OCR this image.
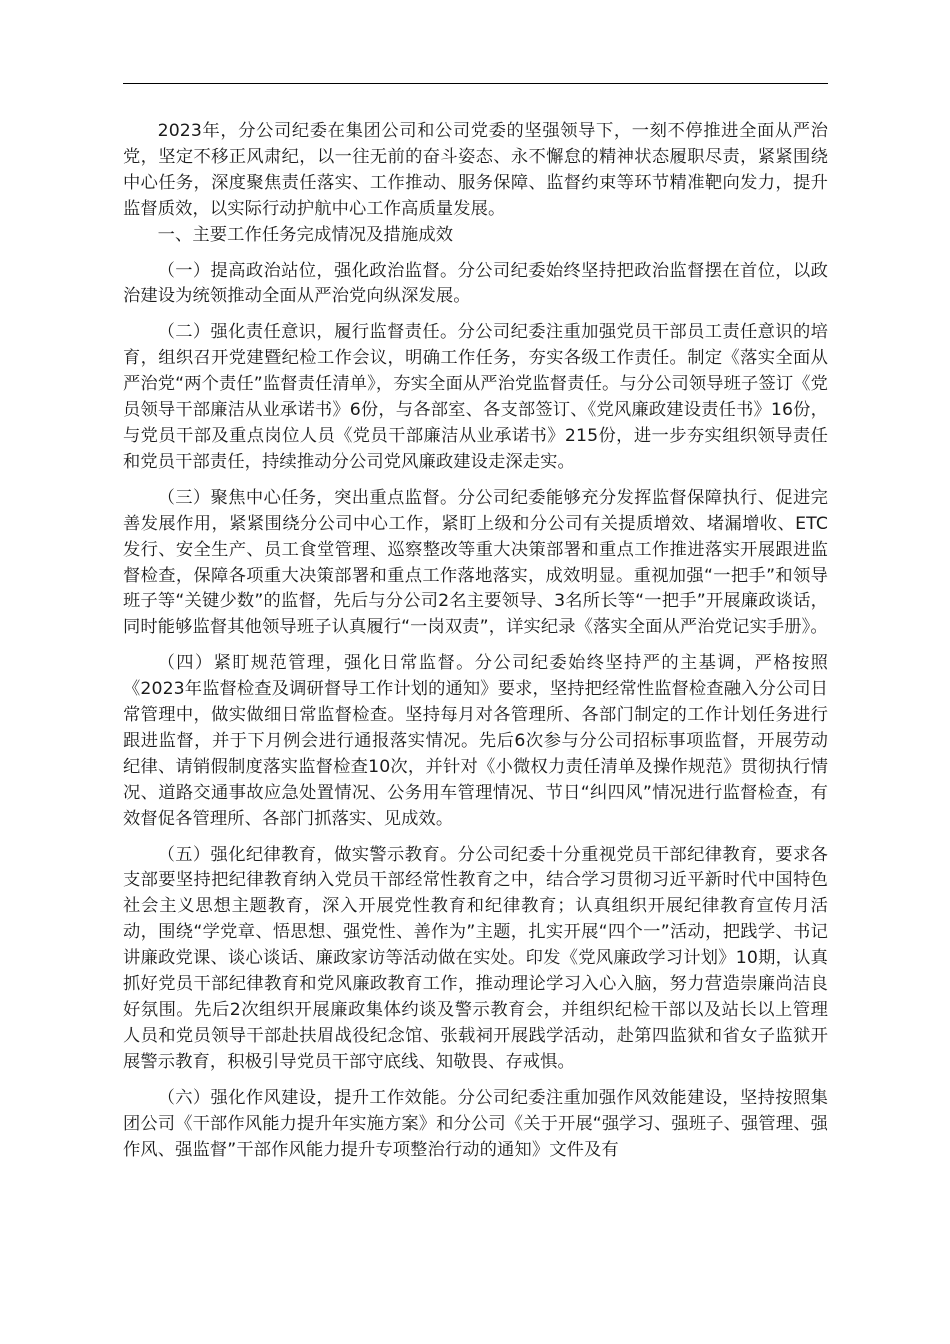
2023年，分公司纪委在集团公司和公司党委的坚强领导下，一刻不停推进全面从严治党，坚定不移正风肃纪，以一往无前的奋斗姿态、永不懈怠的精神状态履职尽责，紧紧围绕中心任务，深度聚焦责任落实、工作推动、服务保障、监督约束等环节精准靶向发力，提升监督质效，以实际行动护航中心工作高质量发展。

一、主要工作任务完成情况及措施成效

（一）提高政治站位，强化政治监督。分公司纪委始终坚持把政治监督摆在首位，以政治建设为统领推动全面从严治党向纵深发展。

（二）强化责任意识，履行监督责任。分公司纪委注重加强党员干部员工责任意识的培育，组织召开党建暨纪检工作会议，明确工作任务，夯实各级工作责任。制定《落实全面从严治党“两个责任”监督责任清单》，夯实全面从严治党监督责任。与分公司领导班子签订《党员领导干部廉洁从业承诺书》6份，与各部室、各支部签订、《党风廉政建设责任书》16份，与党员干部及重点岗位人员《党员干部廉洁从业承诺书》215份，进一步夯实组织领导责任和党员干部责任，持续推动分公司党风廉政建设走深走实。

（三）聚焦中心任务，突出重点监督。分公司纪委能够充分发挥监督保障执行、促进完善发展作用，紧紧围绕分公司中心工作，紧盯上级和分公司有关提质增效、堵漏增收、ETC发行、安全生产、员工食堂管理、巡察整改等重大决策部署和重点工作推进落实开展跟进监督检查，保障各项重大决策部署和重点工作落地落实，成效明显。重视加强“一把手”和领导班子等“关键少数”的监督，先后与分公司2名主要领导、3名所长等“一把手”开展廉政谈话，同时能够监督其他领导班子认真履行“一岗双责”，详实纪录《落实全面从严治党记实手册》。

（四）紧盯规范管理，强化日常监督。分公司纪委始终坚持严的主基调，严格按照《2023年监督检查及调研督导工作计划的通知》要求，坚持把经常性监督检查融入分公司日常管理中，做实做细日常监督检查。坚持每月对各管理所、各部门制定的工作计划任务进行跟进监督，并于下月例会进行通报落实情况。先后6次参与分公司招标事项监督，开展劳动纪律、请销假制度落实监督检查10次，并针对《小微权力责任清单及操作规范》贯彻执行情况、道路交通事故应急处置情况、公务用车管理情况、节日“纠四风”情况进行监督检查，有效督促各管理所、各部门抓落实、见成效。

（五）强化纪律教育，做实警示教育。分公司纪委十分重视党员干部纪律教育，要求各支部要坚持把纪律教育纳入党员干部经常性教育之中，结合学习贯彻习近平新时代中国特色社会主义思想主题教育，深入开展党性教育和纪律教育；认真组织开展纪律教育宣传月活动，围绕“学党章、悟思想、强党性、善作为”主题，扎实开展“四个一”活动，把践学、书记讲廉政党课、谈心谈话、廉政家访等活动做在实处。印发《党风廉政学习计划》10期，认真抓好党员干部纪律教育和党风廉政教育工作，推动理论学习入心入脑，努力营造崇廉尚洁良好氛围。先后2次组织开展廉政集体约谈及警示教育会，并组织纪检干部以及站长以上管理人员和党员领导干部赴扶眉战役纪念馆、张载祠开展践学活动，赴第四监狱和省女子监狱开展警示教育，积极引导党员干部守底线、知敬畏、存戒惧。

（六）强化作风建设，提升工作效能。分公司纪委注重加强作风效能建设，坚持按照集团公司《干部作风能力提升年实施方案》和分公司《关于开展“强学习、强班子、强管理、强作风、强监督”干部作风能力提升专项整治行动的通知》文件及有
